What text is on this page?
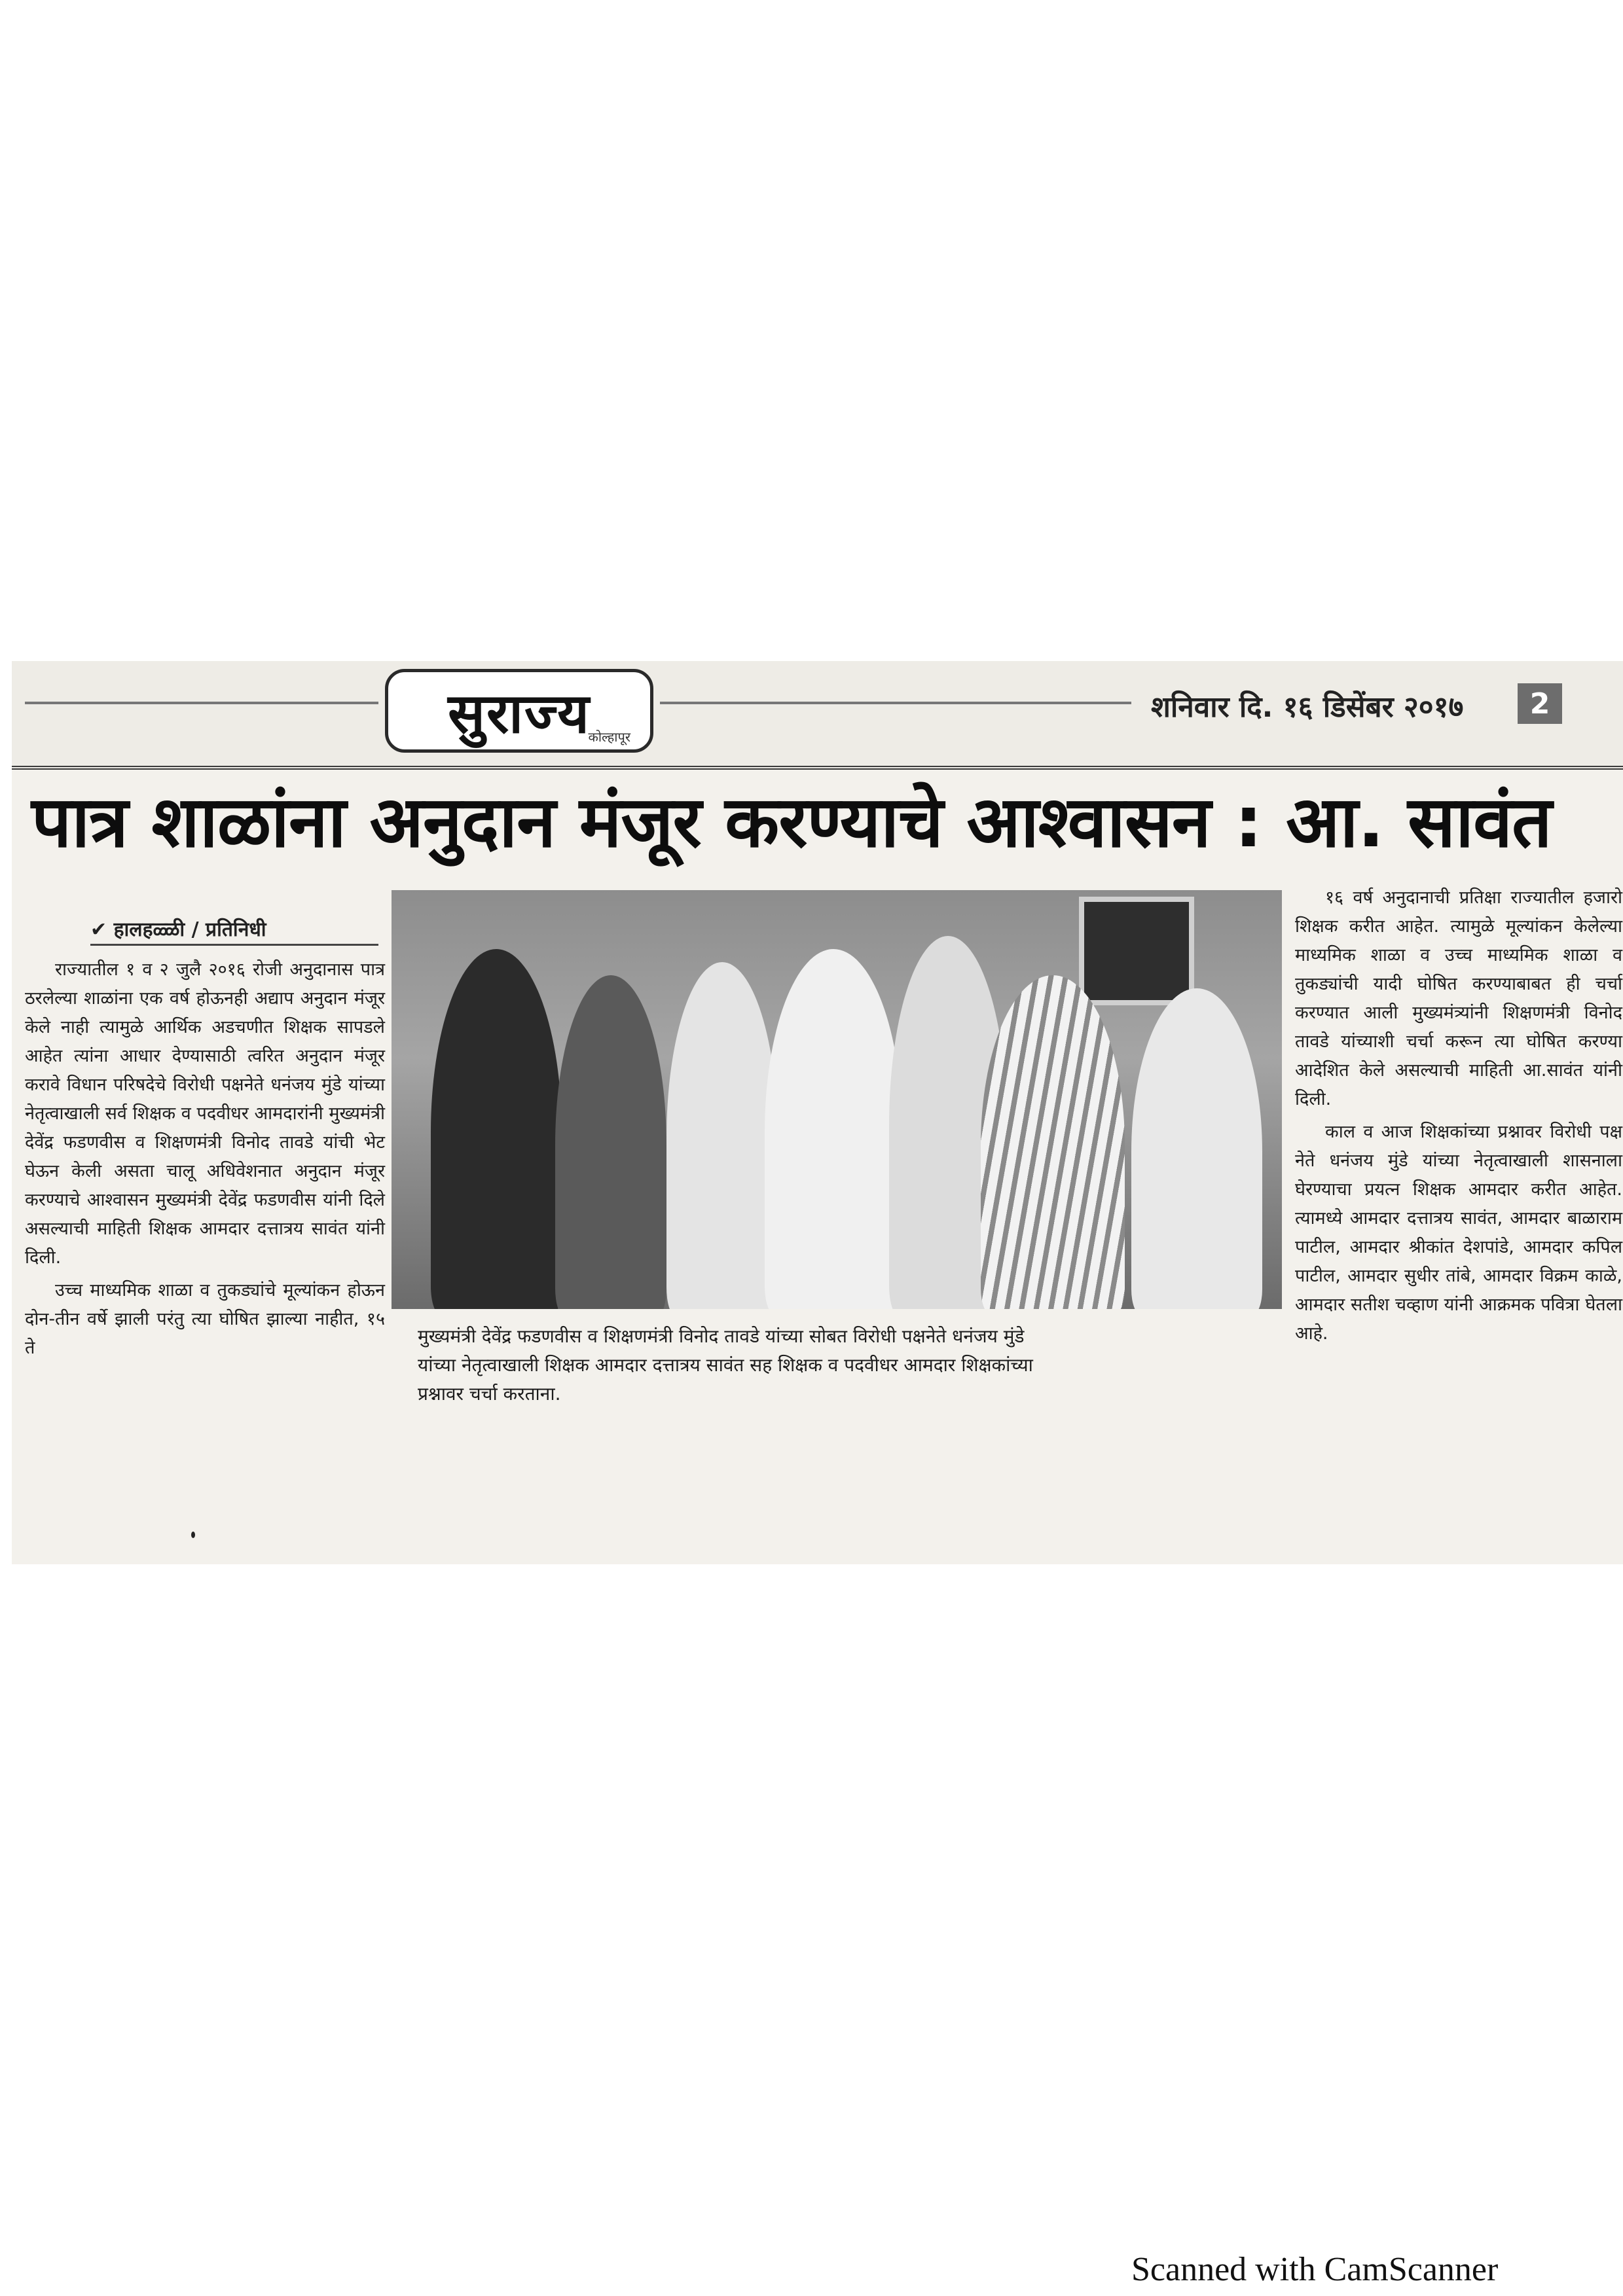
सुराज्य
कोल्हापूर
शनिवार दि. १६ डिसेंबर २०१७	2
पात्र शाळांना अनुदान मंजूर करण्याचे आश्वासन : आ. सावंत
✔ हालहळ्ळी / प्रतिनिधी

राज्यातील १ व २ जुलै २०१६ रोजी अनुदानास पात्र ठरलेल्या शाळांना एक वर्ष होऊनही अद्याप अनुदान मंजूर केले नाही त्यामुळे आर्थिक अडचणीत शिक्षक सापडले आहेत त्यांना आधार देण्यासाठी त्वरित अनुदान मंजूर करावे विधान परिषदेचे विरोधी पक्षनेते धनंजय मुंडे यांच्या नेतृत्वाखाली सर्व शिक्षक व पदवीधर आमदारांनी मुख्यमंत्री देवेंद्र फडणवीस व शिक्षणमंत्री विनोद तावडे यांची भेट घेऊन केली असता चालू अधिवेशनात अनुदान मंजूर करण्याचे आश्वासन मुख्यमंत्री देवेंद्र फडणवीस यांनी दिले असल्याची माहिती शिक्षक आमदार दत्तात्रय सावंत यांनी दिली.

उच्च माध्यमिक शाळा व तुकड्यांचे मूल्यांकन होऊन दोन-तीन वर्षे झाली परंतु त्या घोषित झाल्या नाहीत, १५ ते

मुख्यमंत्री देवेंद्र फडणवीस व शिक्षणमंत्री विनोद तावडे यांच्या सोबत विरोधी पक्षनेते धनंजय मुंडे
यांच्या नेतृत्वाखाली शिक्षक आमदार दत्तात्रय सावंत सह शिक्षक व पदवीधर आमदार शिक्षकांच्या
प्रश्नावर चर्चा करताना.

१६ वर्ष अनुदानाची प्रतिक्षा राज्यातील हजारो शिक्षक करीत आहेत. त्यामुळे मूल्यांकन केलेल्या माध्यमिक शाळा व उच्च माध्यमिक शाळा व तुकड्यांची यादी घोषित करण्याबाबत ही चर्चा करण्यात आली मुख्यमंत्र्यांनी शिक्षणमंत्री विनोद तावडे यांच्याशी चर्चा करून त्या घोषित करण्या आदेशित केले असल्याची माहिती आ.सावंत यांनी दिली.

काल व आज शिक्षकांच्या प्रश्नावर विरोधी पक्ष नेते धनंजय मुंडे यांच्या नेतृत्वाखाली शासनाला घेरण्याचा प्रयत्न शिक्षक आमदार करीत आहेत. त्यामध्ये आमदार दत्तात्रय सावंत, आमदार बाळाराम पाटील, आमदार श्रीकांत देशपांडे, आमदार कपिल पाटील, आमदार सुधीर तांबे, आमदार विक्रम काळे, आमदार सतीश चव्हाण यांनी आक्रमक पवित्रा घेतला आहे.

Scanned with CamScanner
